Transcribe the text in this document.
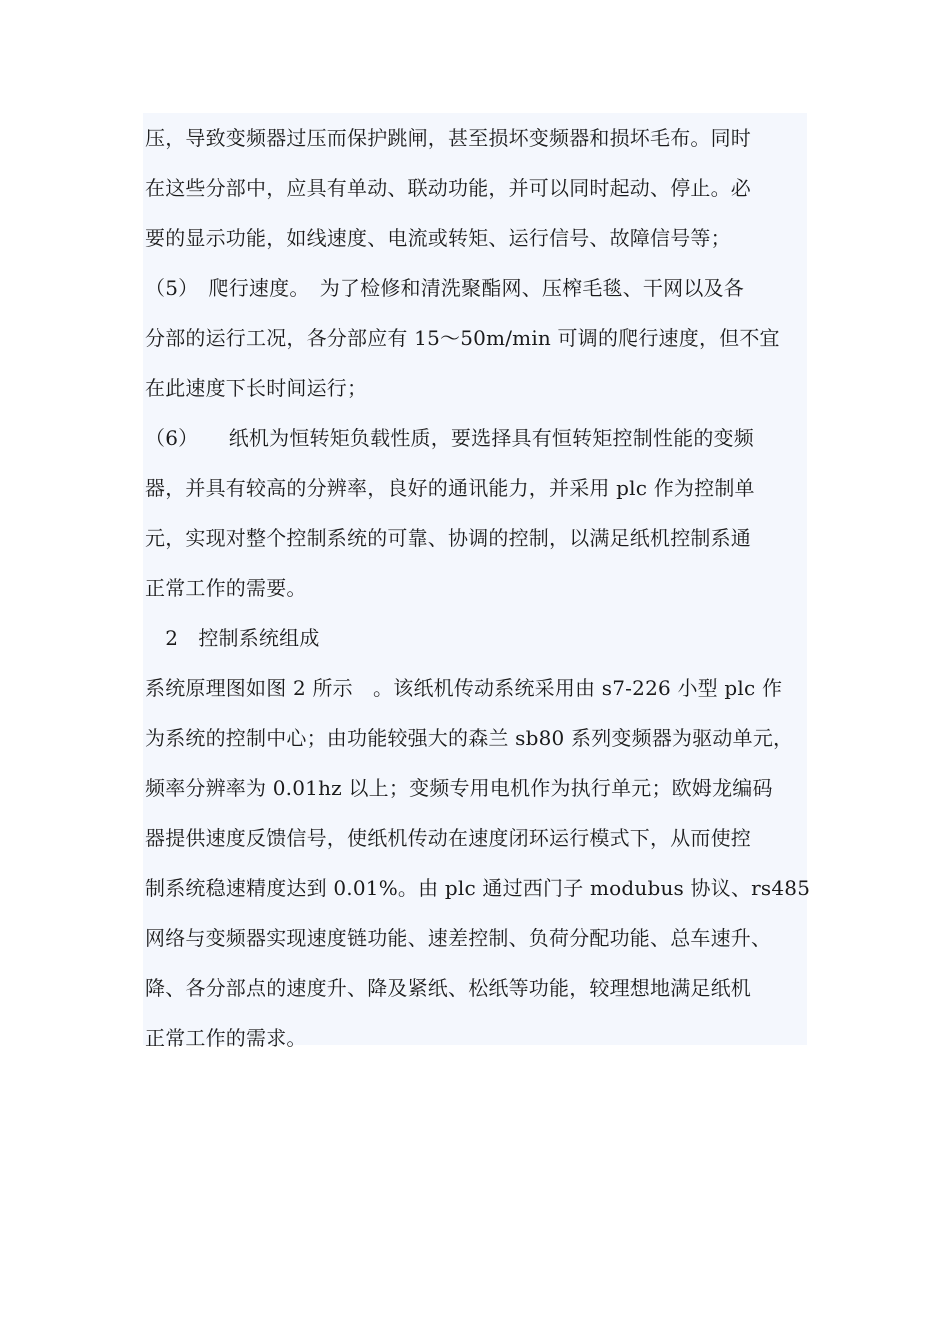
压，导致变频器过压而保护跳闸，甚至损坏变频器和损坏毛布。同时
在这些分部中，应具有单动、联动功能，并可以同时起动、停止。必
要的显示功能，如线速度、电流或转矩、运行信号、故障信号等；
（5）　爬行速度。　为了检修和清洗聚酯网、压榨毛毯、干网以及各
分部的运行工况，各分部应有 15～50m/min 可调的爬行速度，但不宜
在此速度下长时间运行；
（6）　　纸机为恒转矩负载性质，要选择具有恒转矩控制性能的变频
器，并具有较高的分辨率，良好的通讯能力，并采用 plc 作为控制单
元，实现对整个控制系统的可靠、协调的控制，以满足纸机控制系通
正常工作的需要。
　2　控制系统组成
系统原理图如图 2 所示　。该纸机传动系统采用由 s7-226 小型 plc 作
为系统的控制中心；由功能较强大的森兰 sb80 系列变频器为驱动单元，
频率分辨率为 0.01hz 以上；变频专用电机作为执行单元；欧姆龙编码
器提供速度反馈信号，使纸机传动在速度闭环运行模式下，从而使控
制系统稳速精度达到 0.01%。由 plc 通过西门子 modubus 协议、rs485
网络与变频器实现速度链功能、速差控制、负荷分配功能、总车速升、
降、各分部点的速度升、降及紧纸、松纸等功能，较理想地满足纸机
正常工作的需求。
